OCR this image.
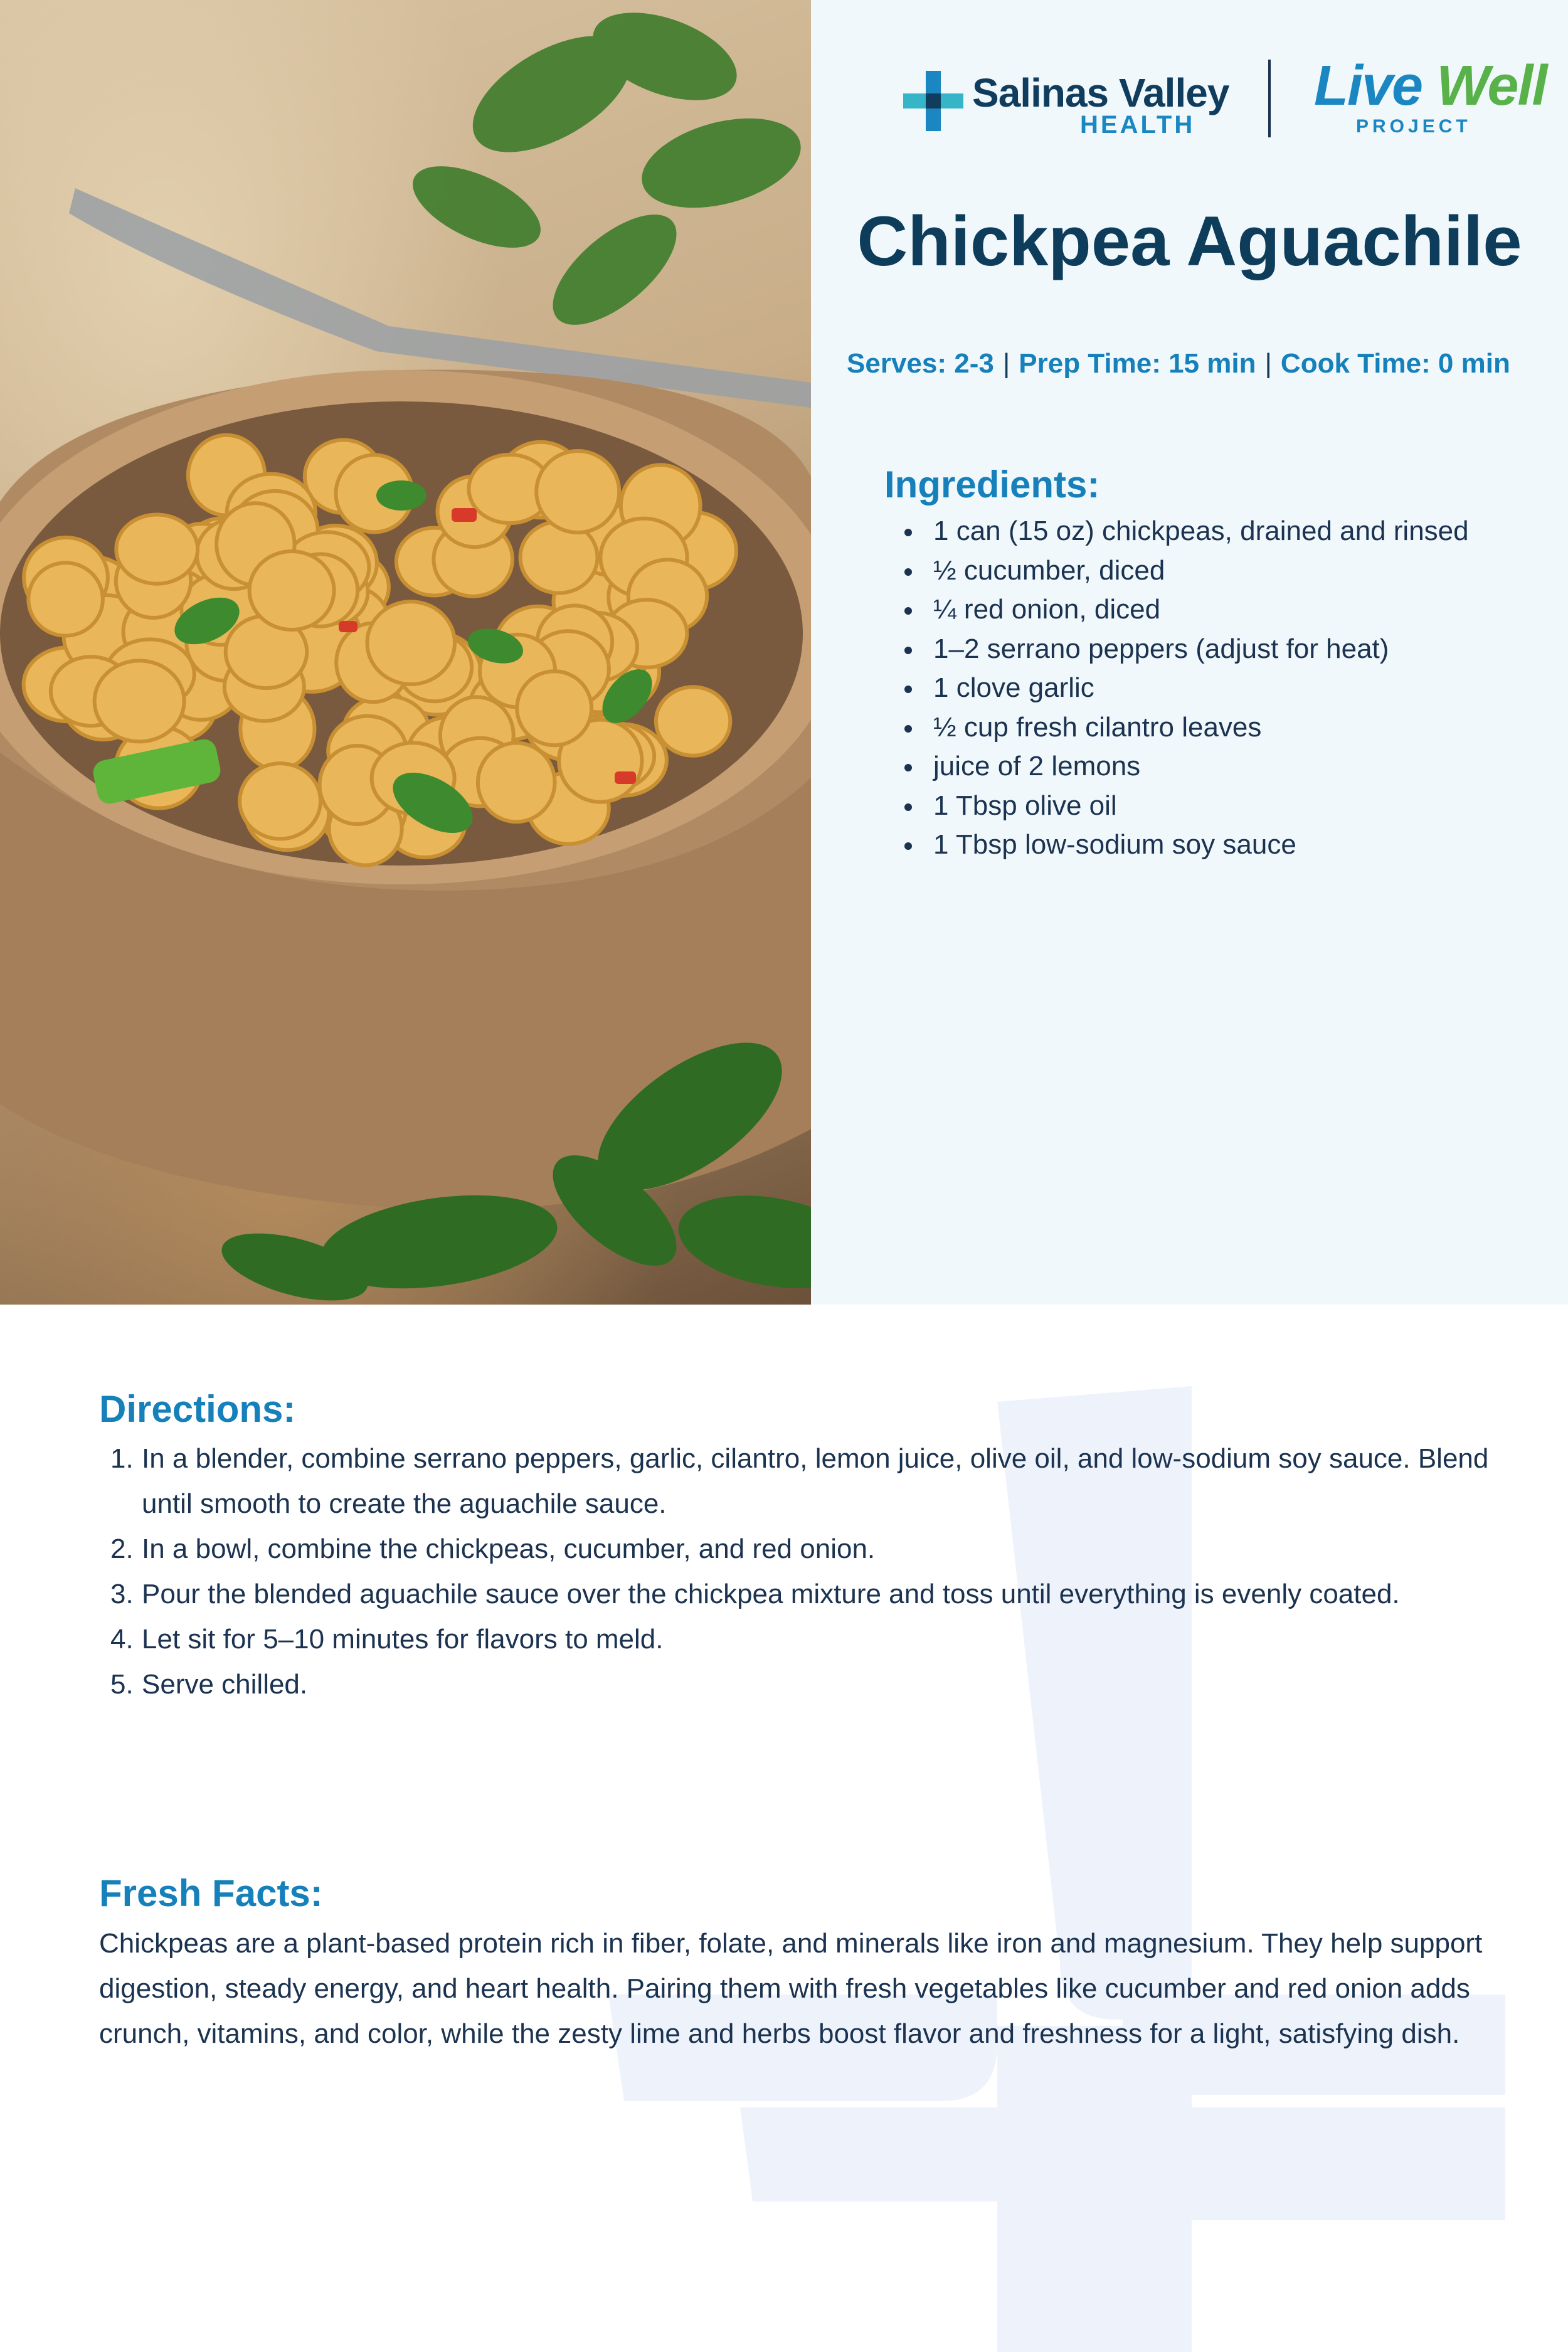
Salinas Valley
HEALTH
Live Well
PROJECT
Chickpea Aguachile
Serves: 2-3 | Prep Time: 15 min | Cook Time: 0 min
Ingredients:
1 can (15 oz) chickpeas, drained and rinsed
½ cucumber, diced
¼ red onion, diced
1–2 serrano peppers (adjust for heat)
1 clove garlic
½ cup fresh cilantro leaves
juice of 2 lemons
1 Tbsp olive oil
1 Tbsp low-sodium soy sauce
Directions:
1. In a blender, combine serrano peppers, garlic, cilantro, lemon juice, olive oil, and low-sodium soy sauce. Blend until smooth to create the aguachile sauce.
2. In a bowl, combine the chickpeas, cucumber, and red onion.
3. Pour the blended aguachile sauce over the chickpea mixture and toss until everything is evenly coated.
4. Let sit for 5–10 minutes for flavors to meld.
5. Serve chilled.
Fresh Facts:

Chickpeas are a plant-based protein rich in fiber, folate, and minerals like iron and magnesium. They help support digestion, steady energy, and heart health. Pairing them with fresh vegetables like cucumber and red onion adds crunch, vitamins, and color, while the zesty lime and herbs boost flavor and freshness for a light, satisfying dish.
